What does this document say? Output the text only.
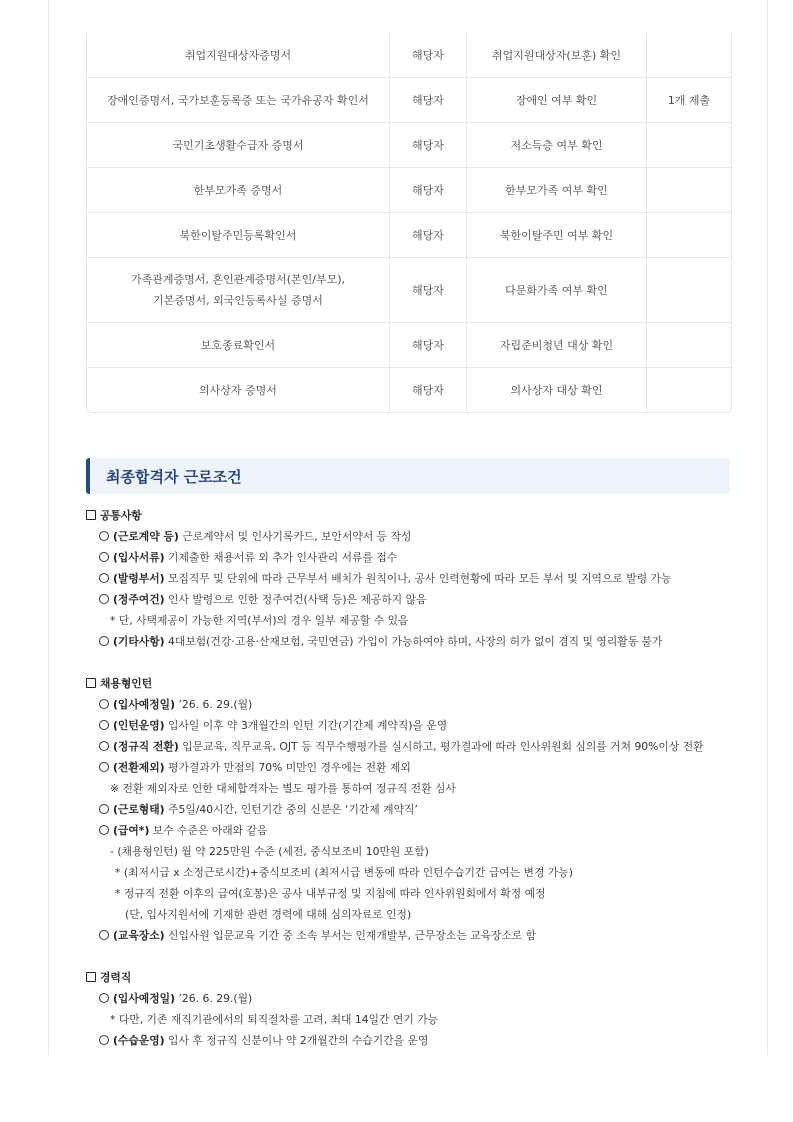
취업지원대상자증명서	해당자	취업지원대상자(보훈) 확인
장애인증명서, 국가보훈등록증 또는 국가유공자 확인서	해당자	장애인 여부 확인	1개 제출
국민기초생활수급자 증명서	해당자	저소득층 여부 확인
한부모가족 증명서	해당자	한부모가족 여부 확인
북한이탈주민등록확인서	해당자	북한이탈주민 여부 확인
가족관계증명서, 혼인관계증명서(본인/부모),
기본증명서, 외국인등록사실 증명서
해당자	다문화가족 여부 확인
보호종료확인서	해당자	자립준비청년 대상 확인
의사상자 증명서	해당자	의사상자 대상 확인
최종합격자 근로조건
공통사항
(근로계약 등) 근로계약서 및 인사기록카드, 보안서약서 등 작성
(입사서류) 기제출한 채용서류 외 추가 인사관리 서류를 접수
(발령부서) 모집직무 및 단위에 따라 근무부서 배치가 원칙이나, 공사 인력현황에 따라 모든 부서 및 지역으로 발령 가능
(정주여건) 인사 발령으로 인한 정주여건(사택 등)은 제공하지 않음
* 단, 사택제공이 가능한 지역(부서)의 경우 일부 제공할 수 있음
(기타사항) 4대보험(건강·고용·산재보험, 국민연금) 가입이 가능하여야 하며, 사장의 허가 없이 겸직 및 영리활동 불가
채용형인턴
(입사예정일) ’26. 6. 29.(월)
(인턴운영) 입사일 이후 약 3개월간의 인턴 기간(기간제 계약직)을 운영
(정규직 전환) 입문교육, 직무교육, OJT 등 직무수행평가를 실시하고, 평가결과에 따라 인사위원회 심의를 거쳐 90%이상 전환
(전환제외) 평가결과가 만점의 70% 미만인 경우에는 전환 제외
※ 전환 제외자로 인한 대체합격자는 별도 평가를 통하여 정규직 전환 심사
(근로형태) 주5일/40시간, 인턴기간 중의 신분은 ‘기간제 계약직’
(급여*) 보수 수준은 아래와 같음
- (채용형인턴) 월 약 225만원 수준 (세전, 중식보조비 10만원 포함)
* (최저시급 x 소정근로시간)+중식보조비 (최저시급 변동에 따라 인턴수습기간 급여는 변경 가능)
* 정규직 전환 이후의 급여(호봉)은 공사 내부규정 및 지침에 따라 인사위원회에서 확정 예정
(단, 입사지원서에 기재한 관련 경력에 대해 심의자료로 인정)
(교육장소) 신입사원 입문교육 기간 중 소속 부서는 인재개발부, 근무장소는 교육장소로 함
경력직
(입사예정일) ’26. 6. 29.(월)
* 다만, 기존 재직기관에서의 퇴직절차를 고려, 최대 14일간 연기 가능
(수습운영) 입사 후 정규직 신분이나 약 2개월간의 수습기간을 운영
